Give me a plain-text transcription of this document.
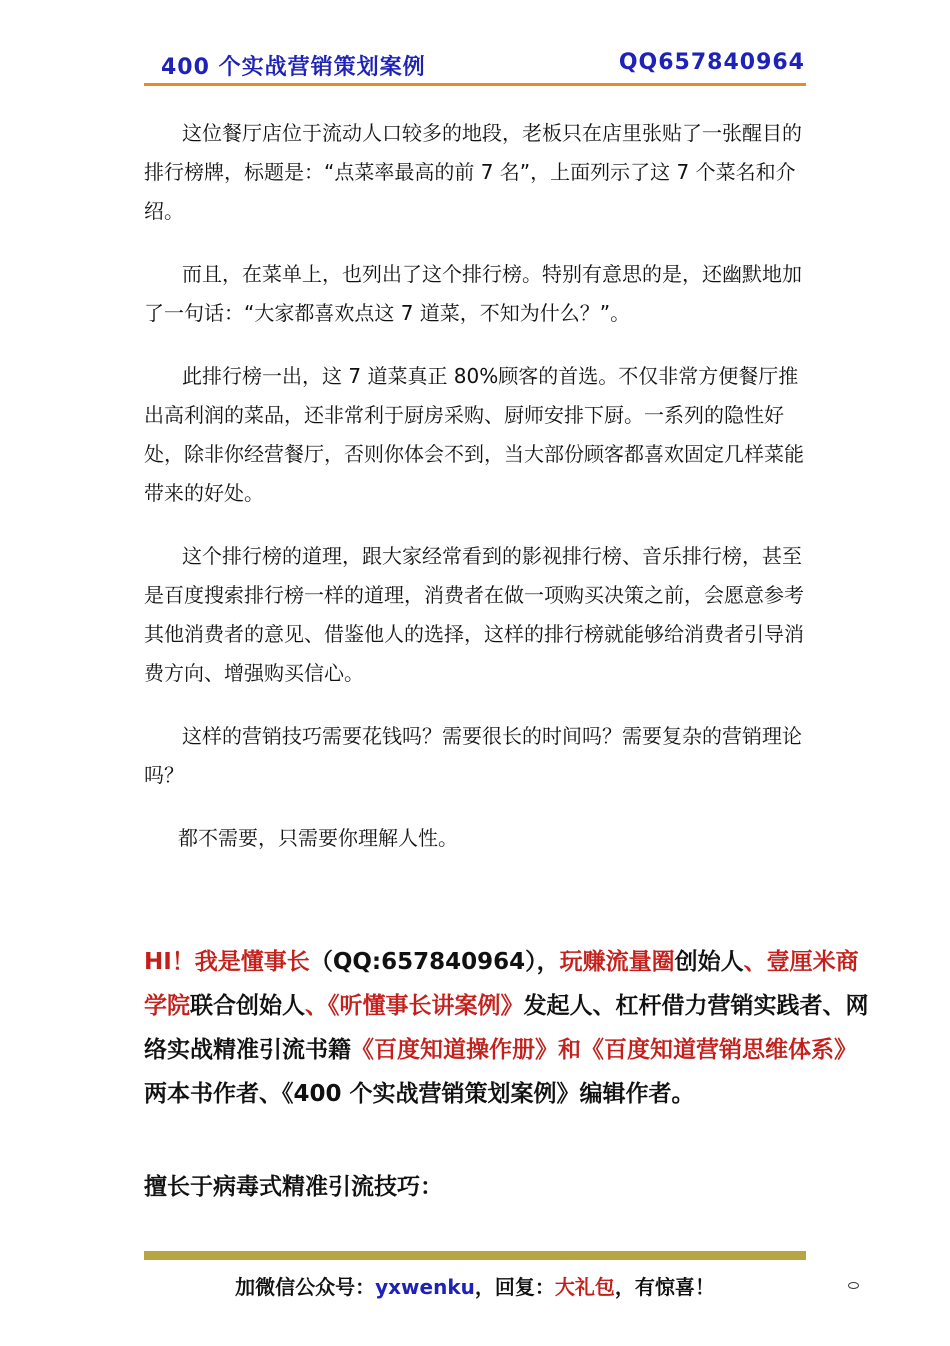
400 个实战营销策划案例	QQ657840964

这位餐厅店位于流动人口较多的地段，老板只在店里张贴了一张醒目的排行榜牌，标题是：“点菜率最高的前 7 名”，上面列示了这 7 个菜名和介绍。

而且，在菜单上，也列出了这个排行榜。特别有意思的是，还幽默地加了一句话：“大家都喜欢点这 7 道菜，不知为什么？”。

此排行榜一出，这 7 道菜真正 80%顾客的首选。不仅非常方便餐厅推出高利润的菜品，还非常利于厨房采购、厨师安排下厨。一系列的隐性好处，除非你经营餐厅，否则你体会不到，当大部份顾客都喜欢固定几样菜能带来的好处。

这个排行榜的道理，跟大家经常看到的影视排行榜、音乐排行榜，甚至是百度搜索排行榜一样的道理，消费者在做一项购买决策之前，会愿意参考其他消费者的意见、借鉴他人的选择，这样的排行榜就能够给消费者引导消费方向、增强购买信心。

这样的营销技巧需要花钱吗？需要很长的时间吗？需要复杂的营销理论吗？

都不需要，只需要你理解人性。

HI！我是懂事长（QQ:657840964），玩赚流量圈创始人、壹厘米商学院联合创始人、《听懂事长讲案例》发起人、杠杆借力营销实践者、网络实战精准引流书籍《百度知道操作册》和《百度知道营销思维体系》两本书作者、《400 个实战营销策划案例》编辑作者。
擅长于病毒式精准引流技巧：
加微信公众号：yxwenku，回复：大礼包，有惊喜！
